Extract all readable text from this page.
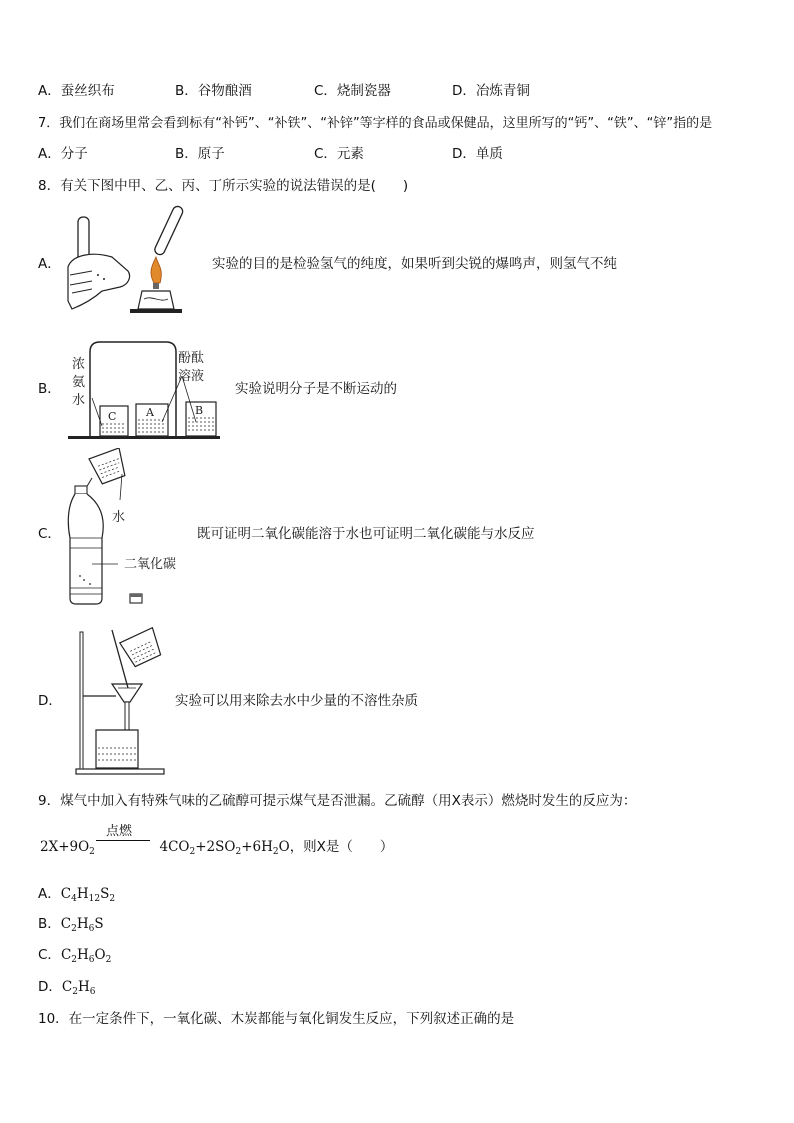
A．蚕丝织布	B．谷物酿酒	C．烧制瓷器	D．冶炼青铜
7．我们在商场里常会看到标有“补钙”、“补铁”、“补锌”等字样的食品或保健品，这里所写的“钙”、“铁”、“锌”指的是
A．分子	B．原子	C．元素	D．单质
8．有关下图中甲、乙、丙、丁所示实验的说法错误的是(　　)
A．	实验的目的是检验氢气的纯度，如果听到尖锐的爆鸣声，则氢气不纯
B．
C	A	B
浓
氨
水
酚酞
溶液
实验说明分子是不断运动的
C．
水
二氧化碳
既可证明二氧化碳能溶于水也可证明二氧化碳能与水反应
D．	实验可以用来除去水中少量的不溶性杂质
9．煤气中加入有特殊气味的乙硫醇可提示煤气是否泄漏。乙硫醇（用X表示）燃烧时发生的反应为：
$2X+9O_2$	$4CO_2+2SO_2+6H_2O$，则X是（　　）
点燃
A．$C_4H_{12}S_2$
B．$C_2H_6S$
C．$C_2H_6O_2$
D．$C_2H_6$
10．在一定条件下，一氧化碳、木炭都能与氧化铜发生反应，下列叙述正确的是
